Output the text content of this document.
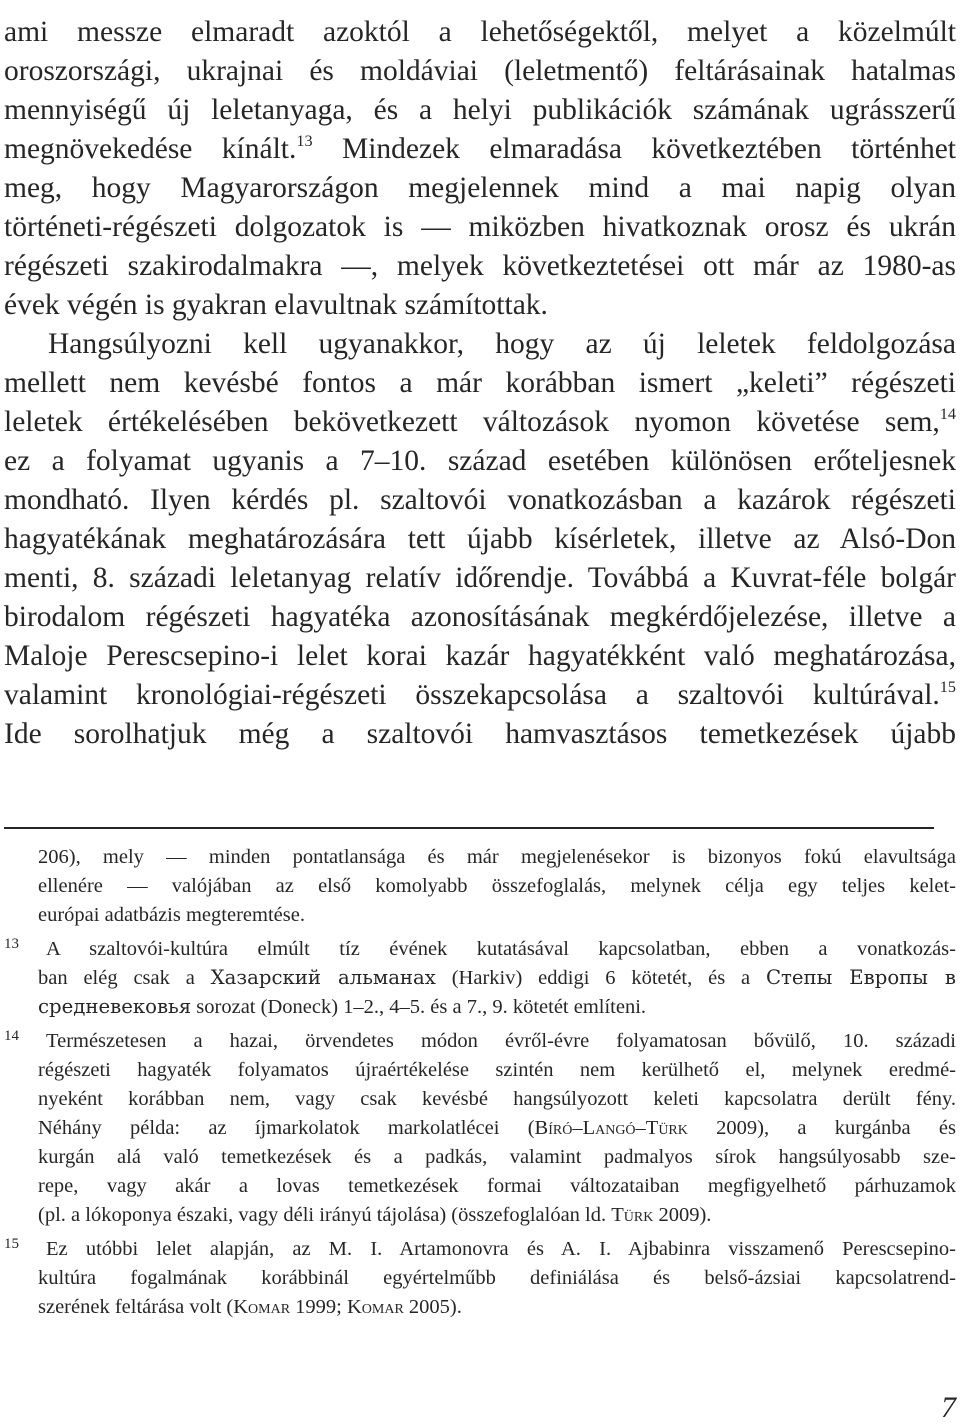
ami messze elmaradt azoktól a lehetőségektől, melyet a közelmúlt
oroszországi, ukrajnai és moldáviai (leletmentő) feltárásainak hatalmas
mennyiségű új leletanyaga, és a helyi publikációk számának ugrásszerű
megnövekedése kínált.$^{13}$ Mindezek elmaradása következtében történhet
meg, hogy Magyarországon megjelennek mind a mai napig olyan
történeti-régészeti dolgozatok is — miközben hivatkoznak orosz és ukrán
régészeti szakirodalmakra —, melyek következtetései ott már az 1980-as
évek végén is gyakran elavultnak számítottak.
Hangsúlyozni kell ugyanakkor, hogy az új leletek feldolgozása
mellett nem kevésbé fontos a már korábban ismert „keleti” régészeti
leletek értékelésében bekövetkezett változások nyomon követése sem,$^{14}$
ez a folyamat ugyanis a 7–10. század esetében különösen erőteljesnek
mondható. Ilyen kérdés pl. szaltovói vonatkozásban a kazárok régészeti
hagyatékának meghatározására tett újabb kísérletek, illetve az Alsó-Don
menti, 8. századi leletanyag relatív időrendje. Továbbá a Kuvrat-féle bolgár
birodalom régészeti hagyatéka azonosításának megkérdőjelezése, illetve a
Maloje Perescsepino-i lelet korai kazár hagyatékként való meghatározása,
valamint kronológiai-régészeti összekapcsolása a szaltovói kultúrával.$^{15}$
Ide sorolhatjuk még a szaltovói hamvasztásos temetkezések újabb
206), mely — minden pontatlansága és már megjelenésekor is bizonyos fokú elavultsága
ellenére — valójában az első komolyabb összefoglalás, melynek célja egy teljes kelet-
európai adatbázis megteremtése.
13 A szaltovói-kultúra elmúlt tíz évének kutatásával kapcsolatban, ebben a vonatkozás-
ban elég csak a Хазарский альманах (Harkiv) eddigi 6 kötetét, és a Степы Европы в
средневековья sorozat (Doneck) 1–2., 4–5. és a 7., 9. kötetét említeni.
14 Természetesen a hazai, örvendetes módon évről-évre folyamatosan bővülő, 10. századi
régészeti hagyaték folyamatos újraértékelése szintén nem kerülhető el, melynek eredmé-
nyeként korábban nem, vagy csak kevésbé hangsúlyozott keleti kapcsolatra derült fény.
Néhány példa: az íjmarkolatok markolatlécei (Bíró–Langó–Türk 2009), a kurgánba és
kurgán alá való temetkezések és a padkás, valamint padmalyos sírok hangsúlyosabb sze-
repe, vagy akár a lovas temetkezések formai változataiban megfigyelhető párhuzamok
(pl. a lókoponya északi, vagy déli irányú tájolása) (összefoglalóan ld. Türk 2009).
15 Ez utóbbi lelet alapján, az M. I. Artamonovra és A. I. Ajbabinra visszamenő Perescsepino-
kultúra fogalmának korábbinál egyértelműbb definiálása és belső-ázsiai kapcsolatrend-
szerének feltárása volt (Komar 1999; Komar 2005).
7
